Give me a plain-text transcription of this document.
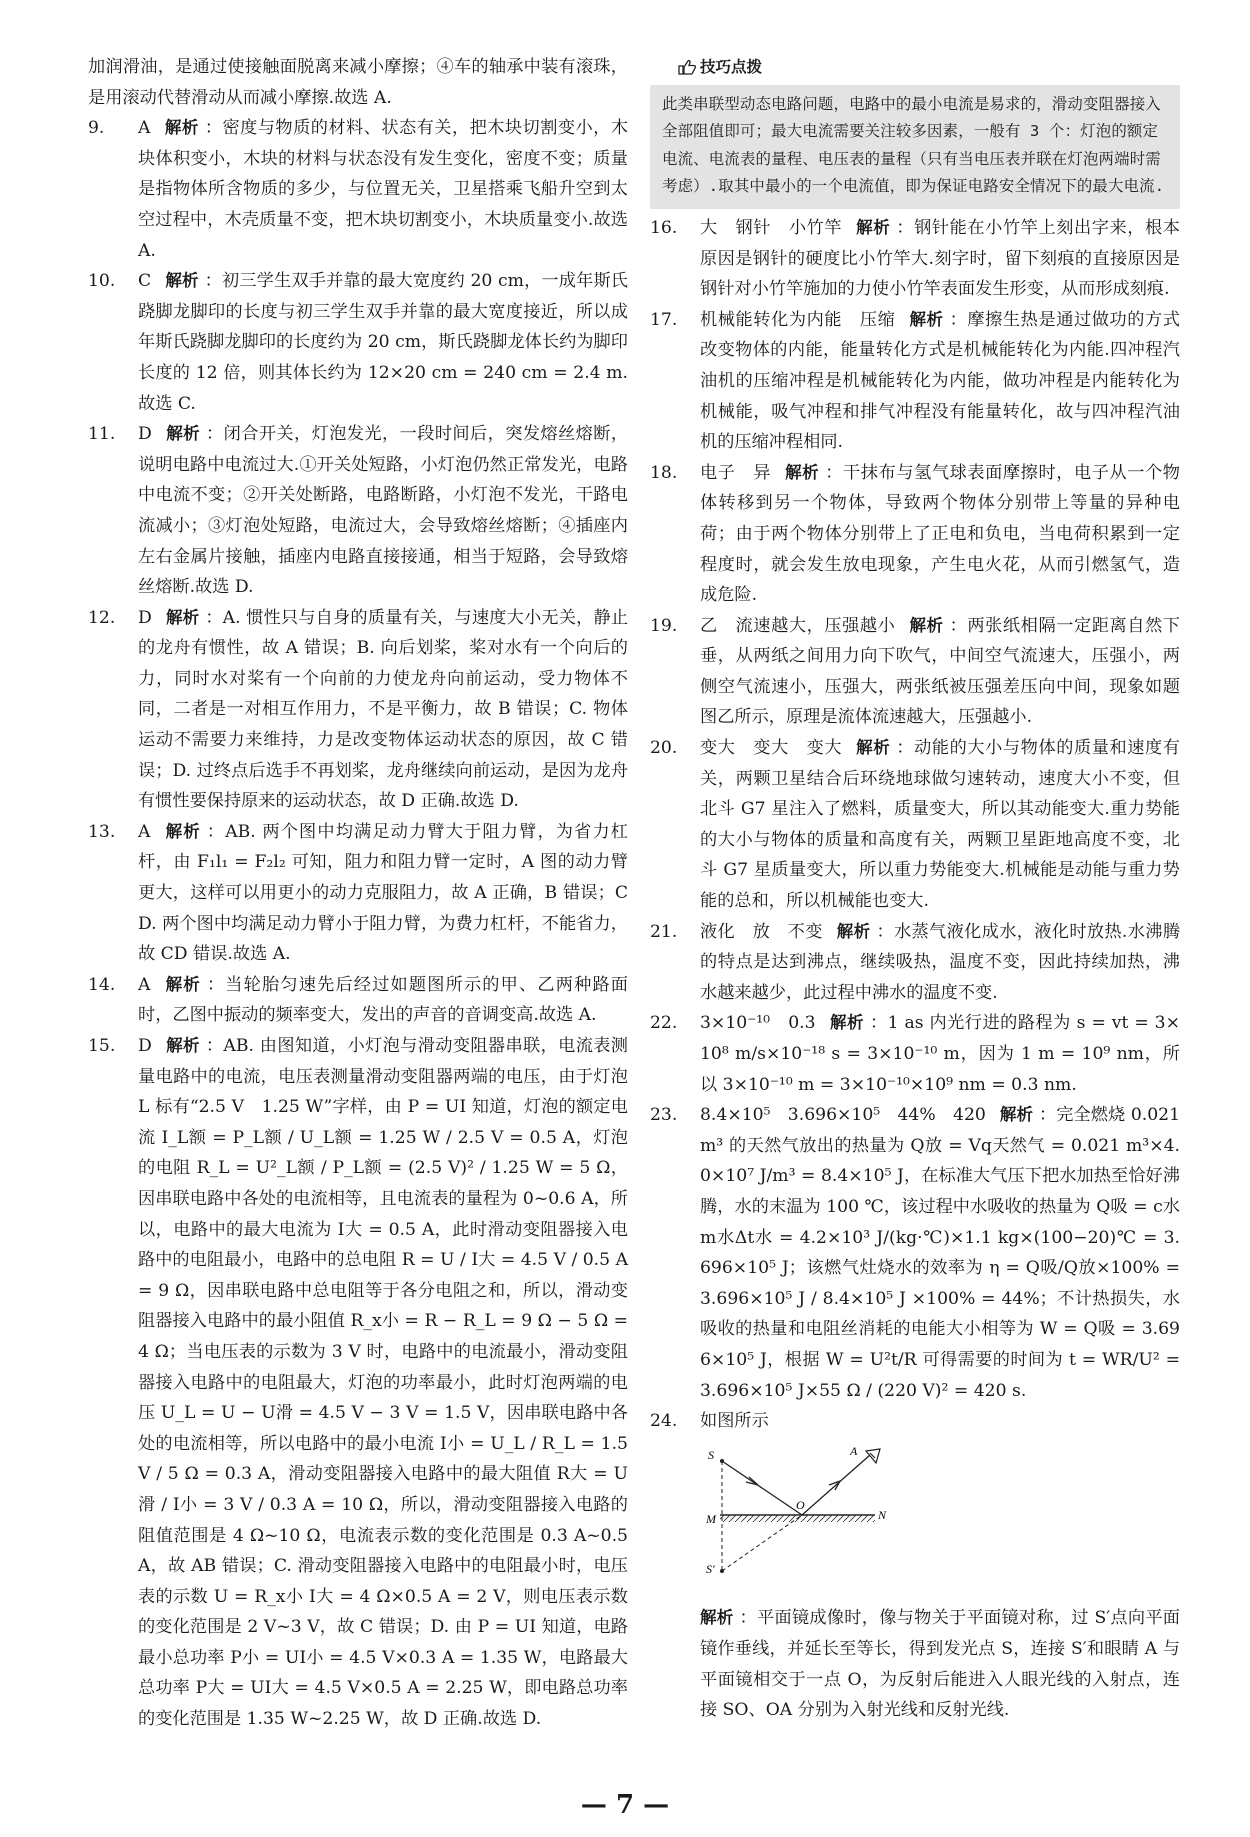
加润滑油，是通过使接触面脱离来减小摩擦；④车的轴承中装有滚珠，是用滚动代替滑动从而减小摩擦.故选 A.

9. A 解析 ：密度与物质的材料、状态有关，把木块切割变小，木块体积变小，木块的材料与状态没有发生变化，密度不变；质量是指物体所含物质的多少，与位置无关，卫星搭乘飞船升空到太空过程中，木壳质量不变，把木块切割变小，木块质量变小.故选 A.
10. C 解析 ：初三学生双手并靠的最大宽度约 20 cm，一成年斯氏跷脚龙脚印的长度与初三学生双手并靠的最大宽度接近，所以成年斯氏跷脚龙脚印的长度约为 20 cm，斯氏跷脚龙体长约为脚印长度的 12 倍，则其体长约为 12×20 cm = 240 cm = 2.4 m.故选 C.
11. D 解析 ：闭合开关，灯泡发光，一段时间后，突发熔丝熔断，说明电路中电流过大.①开关处短路，小灯泡仍然正常发光，电路中电流不变；②开关处断路，电路断路，小灯泡不发光，干路电流减小；③灯泡处短路，电流过大，会导致熔丝熔断；④插座内左右金属片接触，插座内电路直接接通，相当于短路，会导致熔丝熔断.故选 D.
12. D 解析 ：A. 惯性只与自身的质量有关，与速度大小无关，静止的龙舟有惯性，故 A 错误；B. 向后划桨，桨对水有一个向后的力，同时水对桨有一个向前的力使龙舟向前运动，受力物体不同，二者是一对相互作用力，不是平衡力，故 B 错误；C. 物体运动不需要力来维持，力是改变物体运动状态的原因，故 C 错误；D. 过终点后选手不再划桨，龙舟继续向前运动，是因为龙舟有惯性要保持原来的运动状态，故 D 正确.故选 D.
13. A 解析 ：AB. 两个图中均满足动力臂大于阻力臂，为省力杠杆，由 F₁l₁ = F₂l₂ 可知，阻力和阻力臂一定时，A 图的动力臂更大，这样可以用更小的动力克服阻力，故 A 正确，B 错误；CD. 两个图中均满足动力臂小于阻力臂，为费力杠杆，不能省力，故 CD 错误.故选 A.
14. A 解析 ：当轮胎匀速先后经过如题图所示的甲、乙两种路面时，乙图中振动的频率变大，发出的声音的音调变高.故选 A.
15. D 解析 ：AB. 由图知道，小灯泡与滑动变阻器串联，电流表测量电路中的电流，电压表测量滑动变阻器两端的电压，由于灯泡 L 标有“2.5 V　1.25 W”字样，由 P = UI 知道，灯泡的额定电流 I_L额 = P_L额 / U_L额 = 1.25 W / 2.5 V = 0.5 A，灯泡的电阻 R_L = U²_L额 / P_L额 = (2.5 V)² / 1.25 W = 5 Ω，因串联电路中各处的电流相等，且电流表的量程为 0~0.6 A，所以，电路中的最大电流为 I大 = 0.5 A，此时滑动变阻器接入电路中的电阻最小，电路中的总电阻 R = U / I大 = 4.5 V / 0.5 A = 9 Ω，因串联电路中总电阻等于各分电阻之和，所以，滑动变阻器接入电路中的最小阻值 R_x小 = R − R_L = 9 Ω − 5 Ω = 4 Ω；当电压表的示数为 3 V 时，电路中的电流最小，滑动变阻器接入电路中的电阻最大，灯泡的功率最小，此时灯泡两端的电压 U_L = U − U滑 = 4.5 V − 3 V = 1.5 V，因串联电路中各处的电流相等，所以电路中的最小电流 I小 = U_L / R_L = 1.5 V / 5 Ω = 0.3 A，滑动变阻器接入电路中的最大阻值 R大 = U滑 / I小 = 3 V / 0.3 A = 10 Ω，所以，滑动变阻器接入电路的阻值范围是 4 Ω~10 Ω，电流表示数的变化范围是 0.3 A~0.5 A，故 AB 错误；C. 滑动变阻器接入电路中的电阻最小时，电压表的示数 U = R_x小 I大 = 4 Ω×0.5 A = 2 V，则电压表示数的变化范围是 2 V~3 V，故 C 错误；D. 由 P = UI 知道，电路最小总功率 P小 = UI小 = 4.5 V×0.3 A = 1.35 W，电路最大总功率 P大 = UI大 = 4.5 V×0.5 A = 2.25 W，即电路总功率的变化范围是 1.35 W~2.25 W，故 D 正确.故选 D.
技巧点拨
此类串联型动态电路问题，电路中的最小电流是易求的，滑动变阻器接入全部阻值即可；最大电流需要关注较多因素，一般有 3 个：灯泡的额定电流、电流表的量程、电压表的量程（只有当电压表并联在灯泡两端时需考虑）.取其中最小的一个电流值，即为保证电路安全情况下的最大电流.
16. 大　钢针　小竹竿 解析 ：钢针能在小竹竿上刻出字来，根本原因是钢针的硬度比小竹竿大.刻字时，留下刻痕的直接原因是钢针对小竹竿施加的力使小竹竿表面发生形变，从而形成刻痕.
17. 机械能转化为内能　压缩 解析 ：摩擦生热是通过做功的方式改变物体的内能，能量转化方式是机械能转化为内能.四冲程汽油机的压缩冲程是机械能转化为内能，做功冲程是内能转化为机械能，吸气冲程和排气冲程没有能量转化，故与四冲程汽油机的压缩冲程相同.
18. 电子　异 解析 ：干抹布与氢气球表面摩擦时，电子从一个物体转移到另一个物体，导致两个物体分别带上等量的异种电荷；由于两个物体分别带上了正电和负电，当电荷积累到一定程度时，就会发生放电现象，产生电火花，从而引燃氢气，造成危险.
19. 乙　流速越大，压强越小 解析 ：两张纸相隔一定距离自然下垂，从两纸之间用力向下吹气，中间空气流速大，压强小，两侧空气流速小，压强大，两张纸被压强差压向中间，现象如题图乙所示，原理是流体流速越大，压强越小.
20. 变大　变大　变大 解析 ：动能的大小与物体的质量和速度有关，两颗卫星结合后环绕地球做匀速转动，速度大小不变，但北斗 G7 星注入了燃料，质量变大，所以其动能变大.重力势能的大小与物体的质量和高度有关，两颗卫星距地高度不变，北斗 G7 星质量变大，所以重力势能变大.机械能是动能与重力势能的总和，所以机械能也变大.
21. 液化　放　不变 解析 ：水蒸气液化成水，液化时放热.水沸腾的特点是达到沸点，继续吸热，温度不变，因此持续加热，沸水越来越少，此过程中沸水的温度不变.
22. 3×10⁻¹⁰　0.3 解析 ：1 as 内光行进的路程为 s = vt = 3×10⁸ m/s×10⁻¹⁸ s = 3×10⁻¹⁰ m，因为 1 m = 10⁹ nm，所以 3×10⁻¹⁰ m = 3×10⁻¹⁰×10⁹ nm = 0.3 nm.
23. 8.4×10⁵　3.696×10⁵　44%　420 解析 ：完全燃烧 0.021 m³ 的天然气放出的热量为 Q放 = Vq天然气 = 0.021 m³×4.0×10⁷ J/m³ = 8.4×10⁵ J，在标准大气压下把水加热至恰好沸腾，水的末温为 100 ℃，该过程中水吸收的热量为 Q吸 = c水m水Δt水 = 4.2×10³ J/(kg·℃)×1.1 kg×(100−20)℃ = 3.696×10⁵ J；该燃气灶烧水的效率为 η = Q吸/Q放×100% = 3.696×10⁵ J / 8.4×10⁵ J ×100% = 44%；不计热损失，水吸收的热量和电阻丝消耗的电能大小相等为 W = Q吸 = 3.696×10⁵ J，根据 W = U²t/R 可得需要的时间为 t = WR/U² = 3.696×10⁵ J×55 Ω / (220 V)² = 420 s.
24. 如图所示
S	A
O
M	N
S′
解析 ：平面镜成像时，像与物关于平面镜对称，过 S′点向平面镜作垂线，并延长至等长，得到发光点 S，连接 S′和眼睛 A 与平面镜相交于一点 O，为反射后能进入人眼光线的入射点，连接 SO、OA 分别为入射光线和反射光线.
— 7 —
